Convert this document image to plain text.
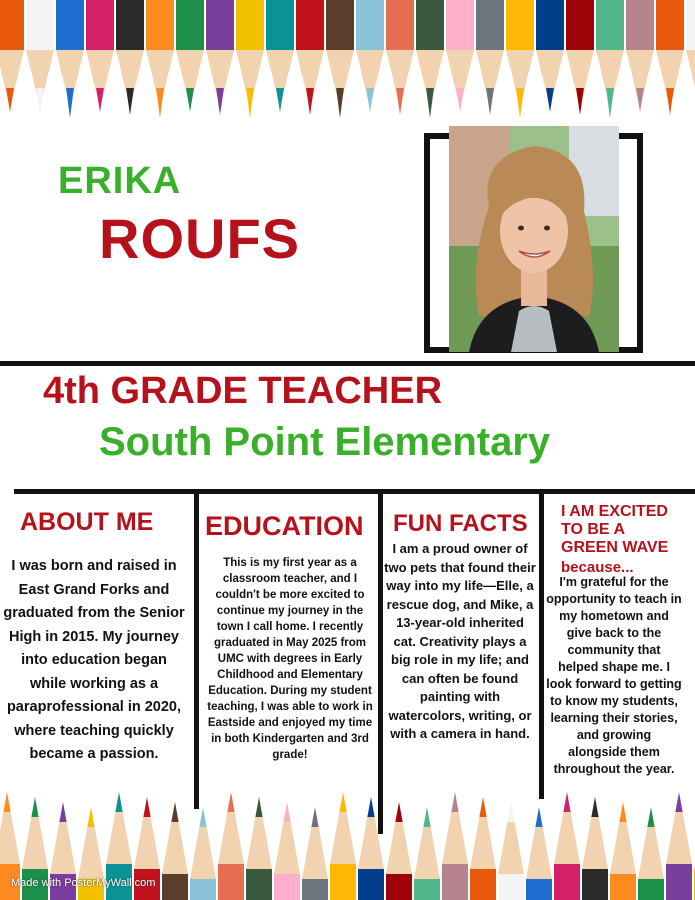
ERIKA
ROUFS
4th GRADE TEACHER
South Point Elementary
ABOUT ME

I was born and raised in East Grand Forks and graduated from the Senior High in 2015. My journey into education began while working as a paraprofessional in 2020, where teaching quickly became a passion.

EDUCATION

This is my first year as a classroom teacher, and I couldn't be more excited to continue my journey in the town I call home. I recently graduated in May 2025 from UMC with degrees in Early Childhood and Elementary Education. During my student teaching, I was able to work in Eastside and enjoyed my time in both Kindergarten and 3rd grade!

FUN FACTS

I am a proud owner of two pets that found their way into my life—Elle, a rescue dog, and Mike, a 13-year-old inherited cat. Creativity plays a big role in my life; and can often be found painting with watercolors, writing, or with a camera in hand.

I AM EXCITED TO BE A GREEN WAVE

because...

I'm grateful for the opportunity to teach in my hometown and give back to the community that helped shape me. I look forward to getting to know my students, learning their stories, and growing alongside them throughout the year.

Made with PosterMyWall.com
